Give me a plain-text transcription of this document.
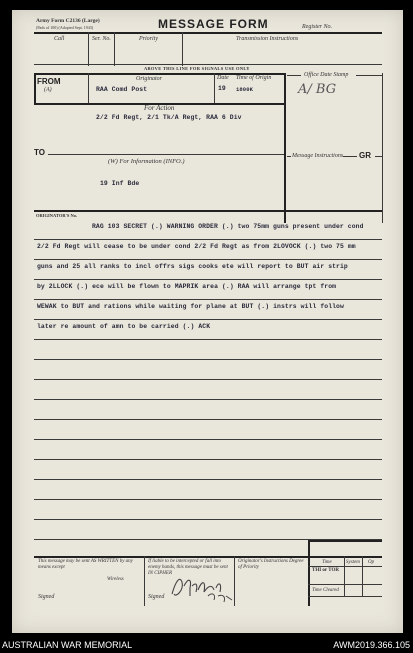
Army Form C2136 (Large)
(Pads of 100) (Adopted Sept. 1943)	MESSAGE FORM	Register No.
Call	Ser. No.	Priority	Transmission Instructions
ABOVE THIS LINE FOR SIGNALS USE ONLY
FROM
(A)
Originator
RAA Comd Post
Date Time of Origin
19 1800K
Office Date Stamp
A/ BG
For Action
2/2 Fd Regt, 2/1 Tk/A Regt, RAA 6 Div
TO
(W) For Information (INFO.)
19 Inf Bde
Message Instructions GR
ORIGINATOR'S No.
RAG 103 SECRET (.) WARNING ORDER (.) two 75mm guns present under cond
2/2 Fd Regt will cease to be under cond 2/2 Fd Regt as from 2LOVOCK (.) two 75 mm
guns and 25 all ranks to incl offrs sigs cooks ete will report to BUT air strip
by 2LLOCK (.) ece will be flown to MAPRIK area (.) RAA will arrange tpt from
WEWAK to BUT and rations while waiting for plane at BUT (.) instrs will follow
later re amount of amn to be carried (.) ACK
This message may be sent AS WRITTEN by any means except
Wireless
If liable to be intercepted or fall into enemy hands, this message must be sent IN CIPHER
Originator's Instructions Degree of Priority
Time	System Op
THI or TOR
Time Cleared
Signed	Signed
AUSTRALIAN WAR MEMORIAL	AWM2019.366.105
